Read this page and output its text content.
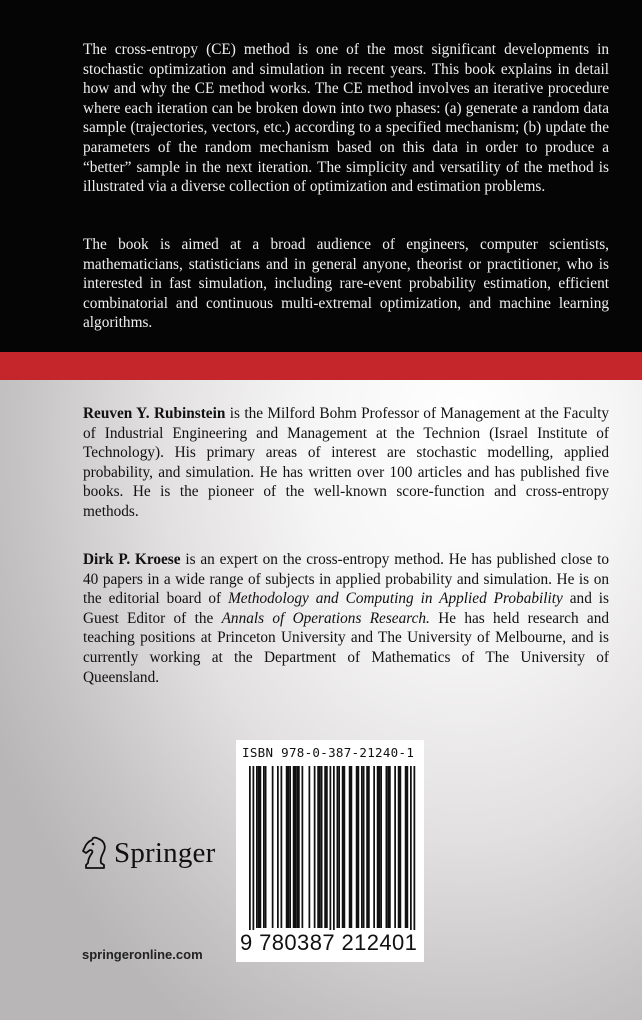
The cross-entropy (CE) method is one of the most significant developments in stochastic optimization and simulation in recent years. This book explains in detail how and why the CE method works. The CE method involves an iterative procedure where each iteration can be broken down into two phases: (a) generate a random data sample (trajectories, vectors, etc.) according to a specified mechanism; (b) update the parameters of the random mechanism based on this data in order to produce a “better” sample in the next iteration. The simplicity and versatility of the method is illustrated via a diverse collection of optimization and estimation problems.

The book is aimed at a broad audience of engineers, computer scientists, mathematicians, statisticians and in general anyone, theorist or practitioner, who is interested in fast simulation, including rare-event probability estimation, efficient combinatorial and continuous multi-extremal optimization, and machine learning algorithms.

Reuven Y. Rubinstein is the Milford Bohm Professor of Management at the Faculty of Industrial Engineering and Management at the Technion (Israel Institute of Technology). His primary areas of interest are stochastic modelling, applied probability, and simulation. He has written over 100 articles and has published five books. He is the pioneer of the well-known score-function and cross-entropy methods.

Dirk P. Kroese is an expert on the cross-entropy method. He has published close to 40 papers in a wide range of subjects in applied probability and simulation. He is on the editorial board of Methodology and Computing in Applied Probability and is Guest Editor of the Annals of Operations Research. He has held research and teaching positions at Princeton University and The University of Melbourne, and is currently working at the Department of Mathematics of The University of Queensland.

Springer
springeronline.com
ISBN 978-0-387-21240-1
9 780387 212401
